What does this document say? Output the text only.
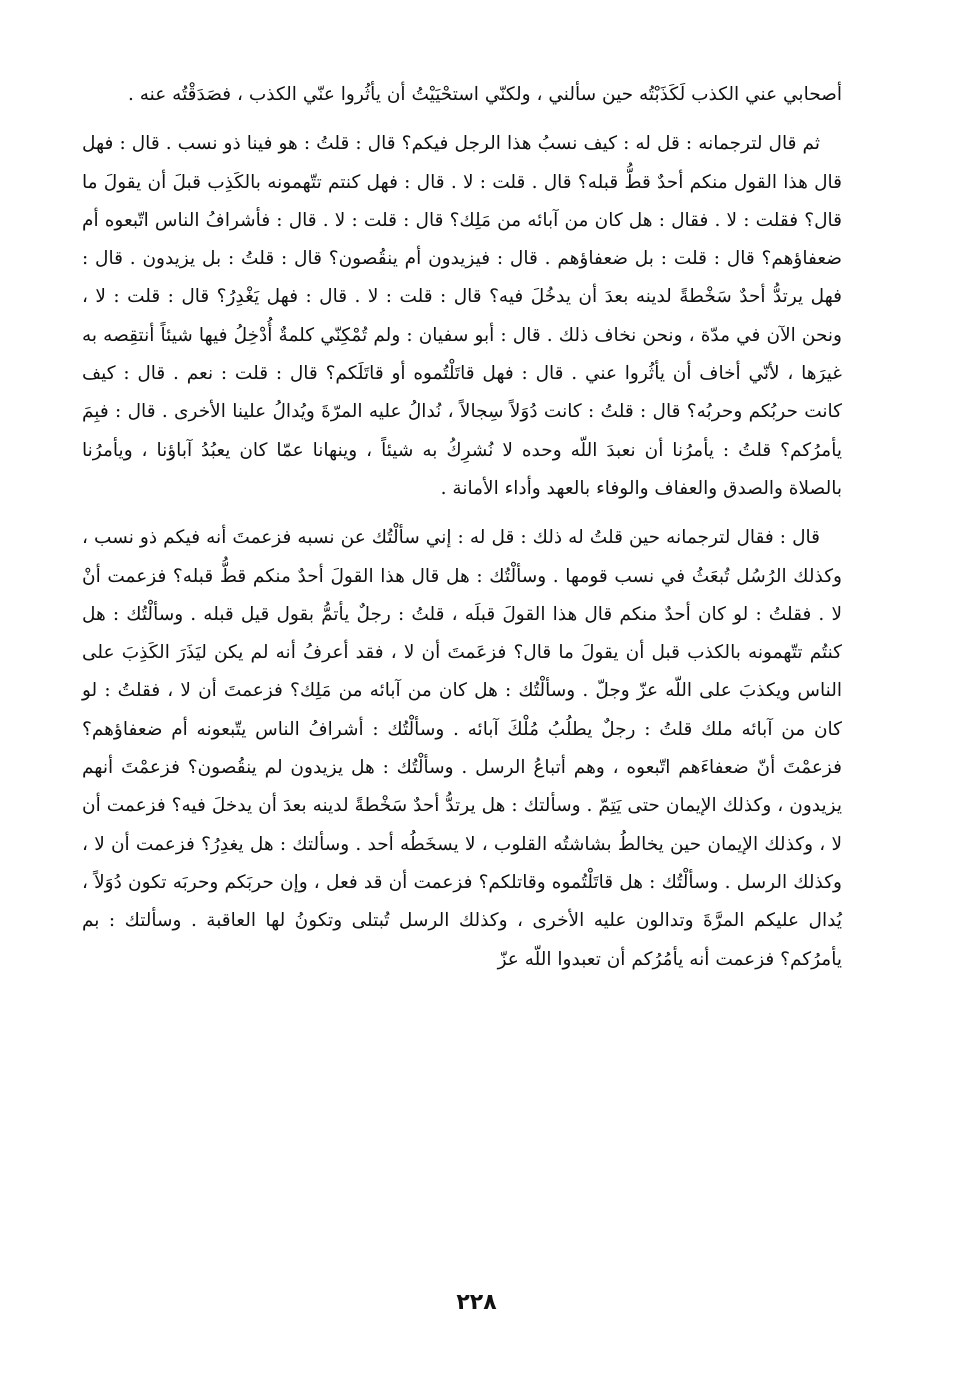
أصحابي عني الكذب لَكَذَبْتُه حين سألني ، ولكنّي استحْيَيْتُ أن يأثُروا عنّي الكذب ، فصَدَقْتُه عنه .

ثم قال لترجمانه : قل له : كيف نسبُ هذا الرجل فيكم؟ قال : قلتُ : هو فينا ذو نسب . قال : فهل قال هذا القول منكم أحدٌ قطُّ قبله؟ قال . قلت : لا . قال : فهل كنتم تتّهمونه بالكَذِب قبلَ أن يقولَ ما قال؟ فقلت : لا . فقال : هل كان من آبائه من مَلِك؟ قال : قلت : لا . قال : فأشرافُ الناس اتّبعوه أم ضعفاؤهم؟ قال : قلت : بل ضعفاؤهم . قال : فيزيدون أم ينقُصون؟ قال : قلتُ : بل يزيدون . قال : فهل يرتدُّ أحدٌ سَخْطةً لدينه بعدَ أن يدخُلَ فيه؟ قال : قلت : لا . قال : فهل يَغْدِرُ؟ قال : قلت : لا ، ونحن الآن في مدّة ، ونحن نخاف ذلك . قال : أبو سفيان : ولم تُمْكِنّي كلمةٌ أُدْخِلُ فيها شيئاً أنتقِصه به غيرَها ، لأنّي أخاف أن يأثُروا عني . قال : فهل قاتَلْتُموه أو قاتَلَكم؟ قال : قلت : نعم . قال : كيف كانت حربُكم وحربُه؟ قال : قلتُ : كانت دُوَلاً سِجالاً ، نُدالُ عليه المرّةَ ويُدالُ علينا الأخرى . قال : فبِمَ يأمرُكم؟ قلتُ : يأمرُنا أن نعبدَ اللّه وحده لا نُشرِكُ به شيئاً ، وينهانا عمّا كان يعبُدُ آباؤنا ، ويأمرُنا بالصلاة والصدق والعفاف والوفاء بالعهد وأداء الأمانة .

قال : فقال لترجمانه حين قلتُ له ذلك : قل له : إني سألْتُك عن نسبه فزعمتَ أنه فيكم ذو نسب ، وكذلك الرُسُل تُبعَثُ في نسب قومها . وسألْتُك : هل قال هذا القولَ أحدٌ منكم قطُّ قبله؟ فزعمت أنْ لا . فقلتُ : لو كان أحدٌ منكم قال هذا القولَ قبلَه ، قلتُ : رجلٌ يأتمُّ بقول قيل قبله . وسألْتُك : هل كنتُم تتّهمونه بالكذب قبل أن يقولَ ما قال؟ فزعَمتَ أن لا ، فقد أعرفُ أنه لم يكن ليَذَرَ الكَذِبَ على الناس ويكذبَ على اللّه عزّ وجلّ . وسألْتُك : هل كان من آبائه من مَلِك؟ فزعمتَ أن لا ، فقلتُ : لو كان من آبائه ملك قلتُ : رجلٌ يطلُبُ مُلْكَ آبائه . وسألْتُك : أشرافُ الناس يتّبعونه أم ضعفاؤهم؟ فزعمْتَ أنّ ضعفاءَهم اتّبعوه ، وهم أتباعُ الرسل . وسألْتُك : هل يزيدون لم ينقُصون؟ فزعمْتَ أنهم يزيدون ، وكذلك الإيمان حتى يَتِمّ . وسألتك : هل يرتدُّ أحدٌ سَخْطةً لدينه بعدَ أن يدخلَ فيه؟ فزعمت أن لا ، وكذلك الإيمان حين يخالطُ بشاشتُه القلوب ، لا يسخَطُه أحد . وسألتك : هل يغدِرُ؟ فزعمت أن لا ، وكذلك الرسل . وسألْتُك : هل قاتَلْتُموه وقاتلكم؟ فزعمت أن قد فعل ، وإن حربَكم وحربَه تكون دُوَلاً ، يُدال عليكم المرَّةَ وتدالون عليه الأخرى ، وكذلك الرسل تُبتلى وتكونُ لها العاقبة . وسألتك : بم يأمرُكم؟ فزعمت أنه يأمُرُكم أن تعبدوا اللّه عزّ

٢٢٨
